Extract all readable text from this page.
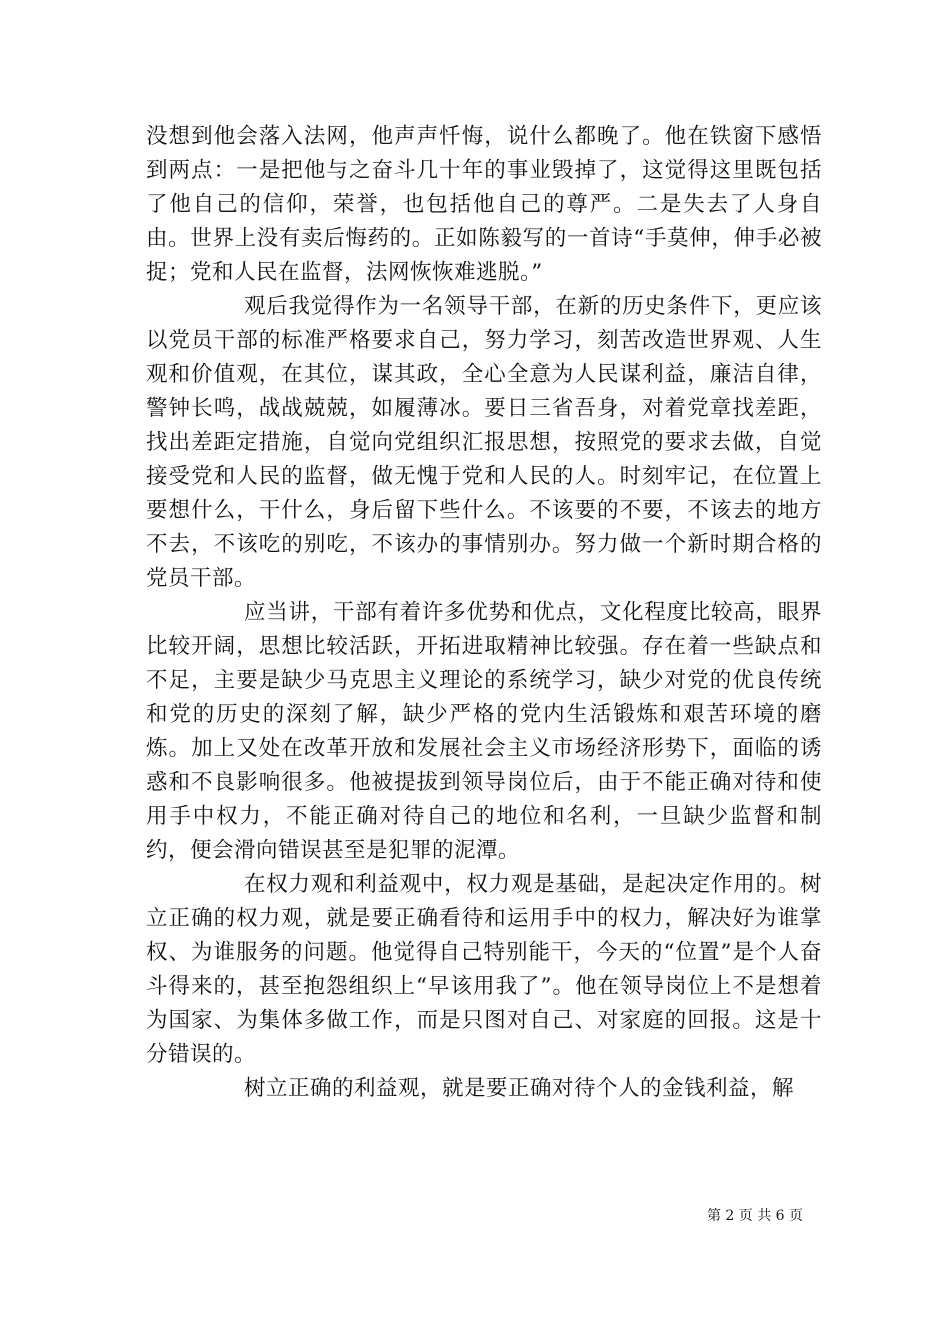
没想到他会落入法网，他声声忏悔，说什么都晚了。他在铁窗下感悟到两点：一是把他与之奋斗几十年的事业毁掉了，这觉得这里既包括了他自己的信仰，荣誉，也包括他自己的尊严。二是失去了人身自由。世界上没有卖后悔药的。正如陈毅写的一首诗“手莫伸，伸手必被捉；党和人民在监督，法网恢恢难逃脱。”

观后我觉得作为一名领导干部，在新的历史条件下，更应该以党员干部的标准严格要求自己，努力学习，刻苦改造世界观、人生观和价值观，在其位，谋其政，全心全意为人民谋利益，廉洁自律，警钟长鸣，战战兢兢，如履薄冰。要日三省吾身，对着党章找差距，找出差距定措施，自觉向党组织汇报思想，按照党的要求去做，自觉接受党和人民的监督，做无愧于党和人民的人。时刻牢记，在位置上要想什么，干什么，身后留下些什么。不该要的不要，不该去的地方不去，不该吃的别吃，不该办的事情别办。努力做一个新时期合格的党员干部。

应当讲，干部有着许多优势和优点，文化程度比较高，眼界比较开阔，思想比较活跃，开拓进取精神比较强。存在着一些缺点和不足，主要是缺少马克思主义理论的系统学习，缺少对党的优良传统和党的历史的深刻了解，缺少严格的党内生活锻炼和艰苦环境的磨炼。加上又处在改革开放和发展社会主义市场经济形势下，面临的诱惑和不良影响很多。他被提拔到领导岗位后，由于不能正确对待和使用手中权力，不能正确对待自己的地位和名利，一旦缺少监督和制约，便会滑向错误甚至是犯罪的泥潭。

在权力观和利益观中，权力观是基础，是起决定作用的。树立正确的权力观，就是要正确看待和运用手中的权力，解决好为谁掌权、为谁服务的问题。他觉得自己特别能干，今天的“位置”是个人奋斗得来的，甚至抱怨组织上“早该用我了”。他在领导岗位上不是想着为国家、为集体多做工作，而是只图对自己、对家庭的回报。这是十分错误的。

树立正确的利益观，就是要正确对待个人的金钱利益，解

第 2 页 共 6 页
